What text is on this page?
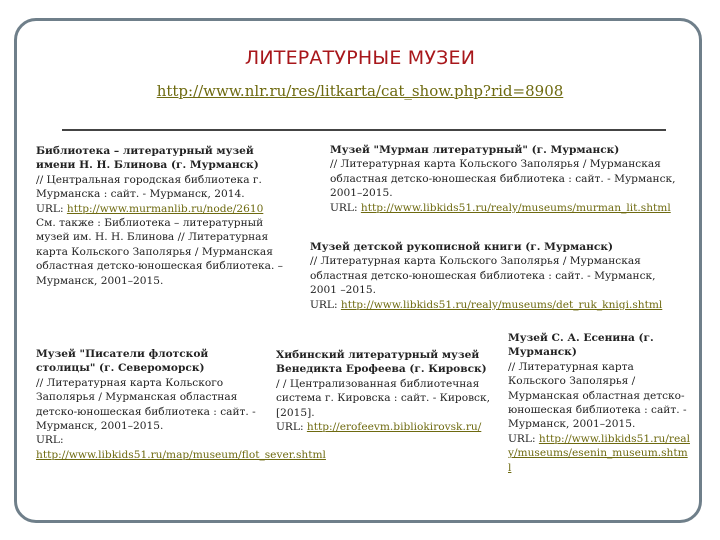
ЛИТЕРАТУРНЫЕ МУЗЕИ
http://www.nlr.ru/res/litkarta/cat_show.php?rid=8908
Библиотека – литературный музей имени Н. Н. Блинова (г. Мурманск)
// Центральная городская библиотека г. Мурманска : сайт. - Мурманск, 2014.
URL: http://www.murmanlib.ru/node/2610
См. также : Библиотека – литературный музей им. Н. Н. Блинова // Литературная карта Кольского Заполярья / Мурманская областная детско-юношеская библиотека. – Мурманск, 2001–2015.
Музей "Мурман литературный" (г. Мурманск)
// Литературная карта Кольского Заполярья / Мурманская областная детско-юношеская библиотека : сайт. - Мурманск, 2001–2015.
URL: http://www.libkids51.ru/realy/museums/murman_lit.shtml
Музей детской рукописной книги (г. Мурманск)
// Литературная карта Кольского Заполярья / Мурманская областная детско-юношеская библиотека : сайт. - Мурманск, 2001 –2015.
URL: http://www.libkids51.ru/realy/museums/det_ruk_knigi.shtml
Музей "Писатели флотской столицы" (г. Североморск)
// Литературная карта Кольского Заполярья / Мурманская областная детско-юношеская библиотека : сайт. - Мурманск, 2001–2015.
URL: http://www.libkids51.ru/map/museum/flot_sever.shtml
Хибинский литературный музей Венедикта Ерофеева (г. Кировск)
/ / Централизованная библиотечная система г. Кировска : сайт. - Кировск, [2015].
URL: http://erofeevm.bibliokirovsk.ru/
Музей С. А. Есенина (г. Мурманск)
// Литературная карта Кольского Заполярья / Мурманская областная детско-юношеская библиотека : сайт. - Мурманск, 2001–2015.
URL: http://www.libkids51.ru/realy/museums/esenin_museum.shtml
